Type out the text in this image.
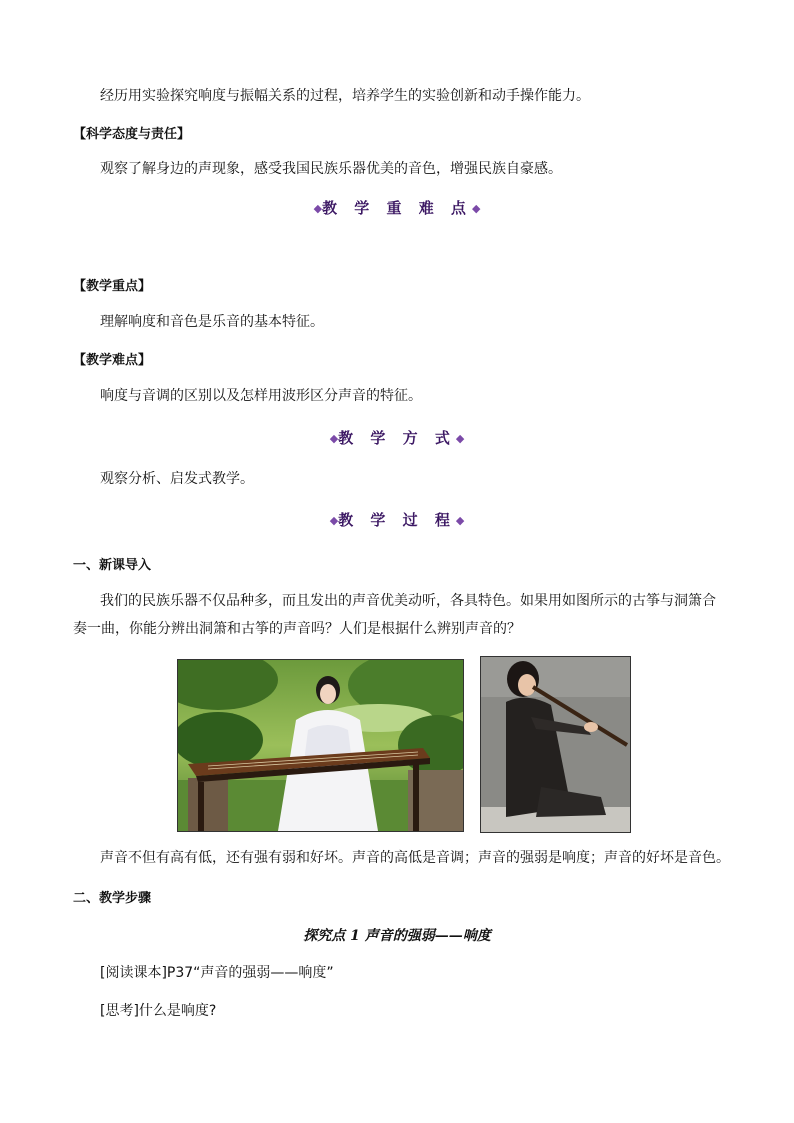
经历用实验探究响度与振幅关系的过程，培养学生的实验创新和动手操作能力。
【科学态度与责任】
观察了解身边的声现象，感受我国民族乐器优美的音色，增强民族自豪感。
◆教 学 重 难 点◆
【教学重点】
理解响度和音色是乐音的基本特征。
【教学难点】
响度与音调的区别以及怎样用波形区分声音的特征。
◆教 学 方 式◆
观察分析、启发式教学。
◆教 学 过 程◆
一、新课导入
我们的民族乐器不仅品种多，而且发出的声音优美动听，各具特色。如果用如图所示的古筝与洞箫合
奏一曲，你能分辨出洞箫和古筝的声音吗？人们是根据什么辨别声音的？
声音不但有高有低，还有强有弱和好坏。声音的高低是音调；声音的强弱是响度；声音的好坏是音色。
二、教学步骤
探究点 1 声音的强弱——响度
[阅读课本]P37“声音的强弱——响度”
[思考]什么是响度?
